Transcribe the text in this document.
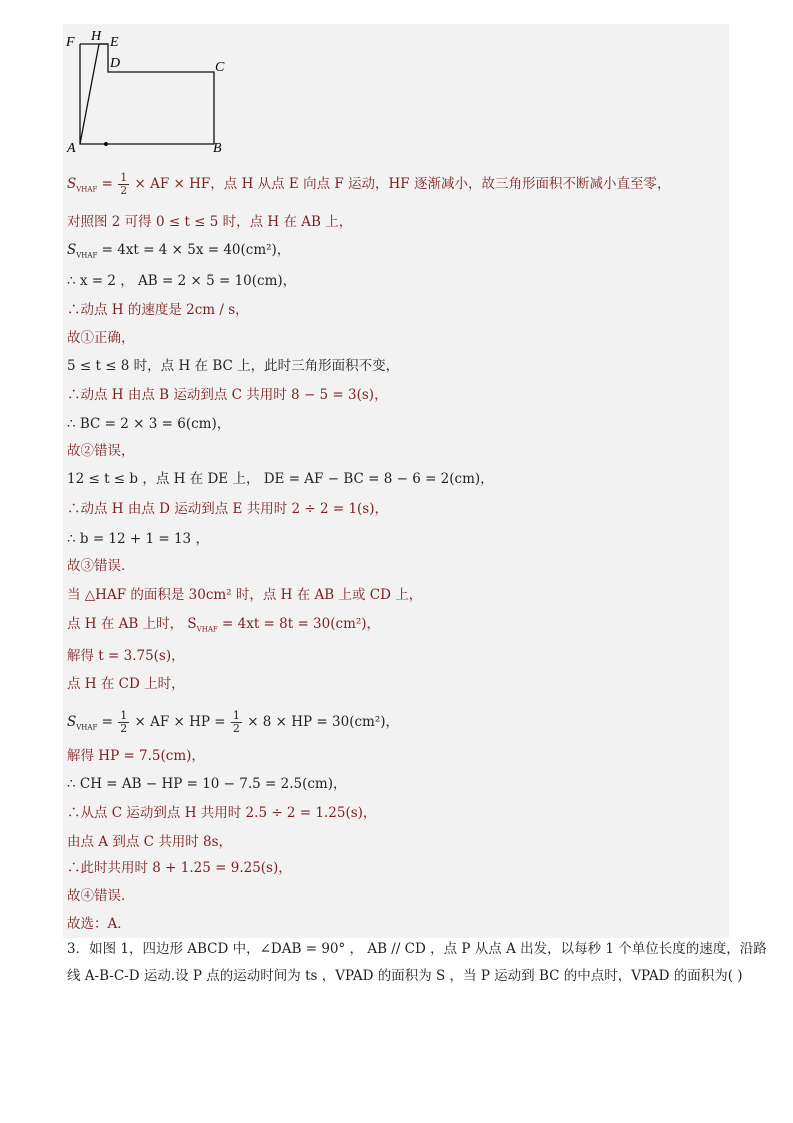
F H E
D	C
A	B
$S_{VHAF} = \frac{1}{2}$ × AF × HF，点 H 从点 E 向点 F 运动，HF 逐渐减小，故三角形面积不断减小直至零，
对照图 2 可得 0 ≤ t ≤ 5 时，点 H 在 AB 上，
$S_{VHAF} = 4xt = 4 \times 5x = 40(cm^2)$，
∴ x = 2 ， AB = 2 × 5 = 10(cm)，
∴动点 H 的速度是 2cm / s，
故①正确，
5 ≤ t ≤ 8 时，点 H 在 BC 上，此时三角形面积不变，
∴动点 H 由点 B 运动到点 C 共用时 8 − 5 = 3(s)，
∴ BC = 2 × 3 = 6(cm)，
故②错误，
12 ≤ t ≤ b ，点 H 在 DE 上， DE = AF − BC = 8 − 6 = 2(cm)，
∴动点 H 由点 D 运动到点 E 共用时 2 ÷ 2 = 1(s)，
∴ b = 12 + 1 = 13 ，
故③错误．
当 △HAF 的面积是 30cm² 时，点 H 在 AB 上或 CD 上，
点 H 在 AB 上时， $S_{VHAF} = 4xt = 8t = 30(cm^2)$，
解得 t = 3.75(s)，
点 H 在 CD 上时，
$S_{VHAF} = \frac{1}{2}$ × AF × HP = $\frac{1}{2} \times 8$ × HP = 30(cm²)，
解得 HP = 7.5(cm)，
∴ CH = AB − HP = 10 − 7.5 = 2.5(cm)，
∴从点 C 运动到点 H 共用时 2.5 ÷ 2 = 1.25(s)，
由点 A 到点 C 共用时 8s，
∴此时共用时 8 + 1.25 = 9.25(s)，
故④错误．
故选：A．
3．如图 1，四边形 ABCD 中，∠DAB = 90° ， AB // CD ，点 P 从点 A 出发，以每秒 1 个单位长度的速度，沿路
线 A-B-C-D 运动.设 P 点的运动时间为 ts ，VPAD 的面积为 S ，当 P 运动到 BC 的中点时，VPAD 的面积为( )
